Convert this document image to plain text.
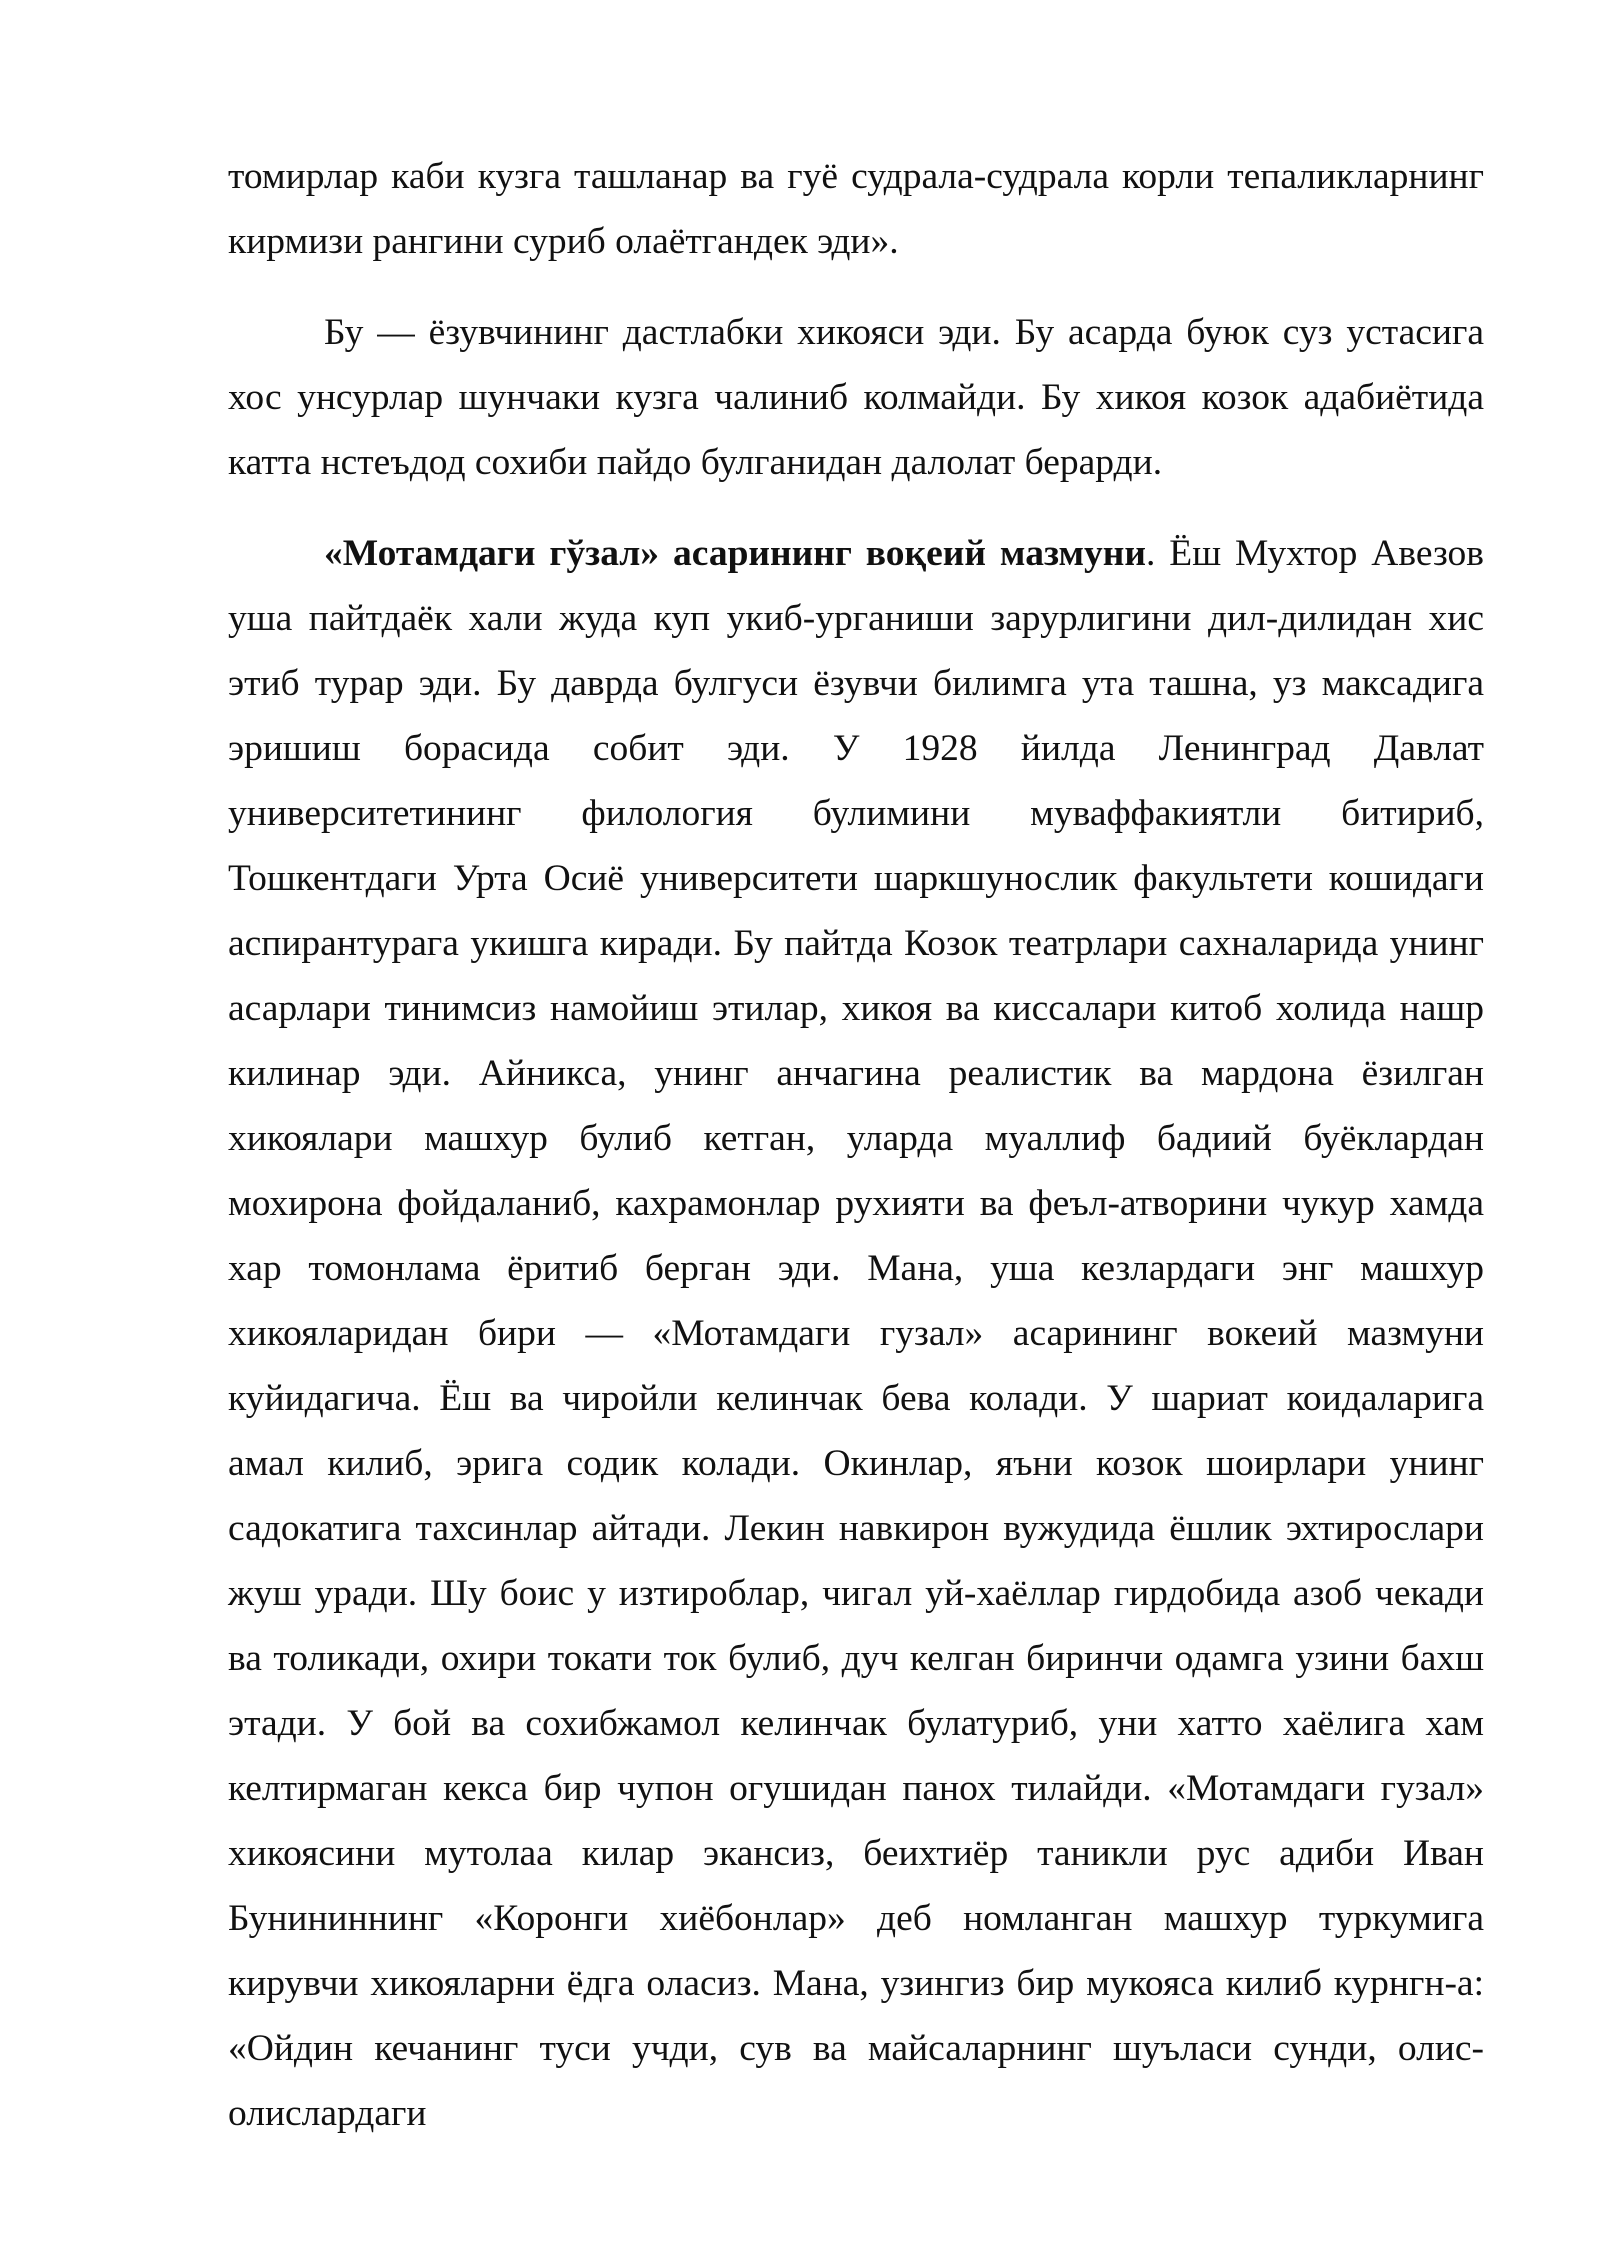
томирлар каби кузга ташланар ва гуё судрала-судрала корли тепаликларнинг кирмизи рангини суриб олаётгандек эди».

Бу — ёзувчининг дастлабки хикояси эди. Бу асарда буюк суз устасига хос унсурлар шунчаки кузга чалиниб колмайди. Бу хикоя козок адабиётида катта нстеъдод сохиби пайдо булганидан далолат берарди.

«Мотамдаги гўзал» асарининг воқеий мазмуни. Ёш Мухтор Авезов уша пайтдаёк хали жуда куп укиб-урганиши зарурлигини дил-дилидан хис этиб турар эди. Бу даврда булгуси ёзувчи билимга ута ташна, уз максадига эришиш борасида собит эди. У 1928 йилда Ленинград Давлат университетининг филология булимини муваффакиятли битириб, Тошкентдаги Урта Осиё университети шаркшунослик факультети кошидаги аспирантурага укишга киради. Бу пайтда Козок театрлари сахналарида унинг асарлари тинимсиз намойиш этилар, хикоя ва киссалари китоб холида нашр килинар эди. Айникса, унинг анчагина реалистик ва мардона ёзилган хикоялари машхур булиб кетган, уларда муаллиф бадиий буёклардан мохирона фойдаланиб, кахрамонлар рухияти ва феъл-атворини чукур хамда хар томонлама ёритиб берган эди. Мана, уша кезлардаги энг машхур хикояларидан бири — «Мотамдаги гузал» асарининг вокеий мазмуни куйидагича. Ёш ва чиройли келинчак бева колади. У шариат коидаларига амал килиб, эрига содик колади. Окинлар, яъни козок шоирлари унинг садокатига тахсинлар айтади. Лекин навкирон вужудида ёшлик эхтирослари жуш уради. Шу боис у изтироблар, чигал уй-хаёллар гирдобида азоб чекади ва толикади, охири токати ток булиб, дуч келган биринчи одамга узини бахш этади. У бой ва сохибжамол келинчак булатуриб, уни хатто хаёлига хам келтирмаган кекса бир чупон огушидан панох тилайди. «Мотамдаги гузал» хикоясини мутолаа килар экансиз, беихтиёр таникли рус адиби Иван Бунининнинг «Коронги хиёбонлар» деб номланган машхур туркумига кирувчи хикояларни ёдга оласиз. Мана, узингиз бир мукояса килиб курнгн-а: «Ойдин кечанинг туси учди, сув ва майсаларнинг шуъласи сунди, олис-олислардаги
